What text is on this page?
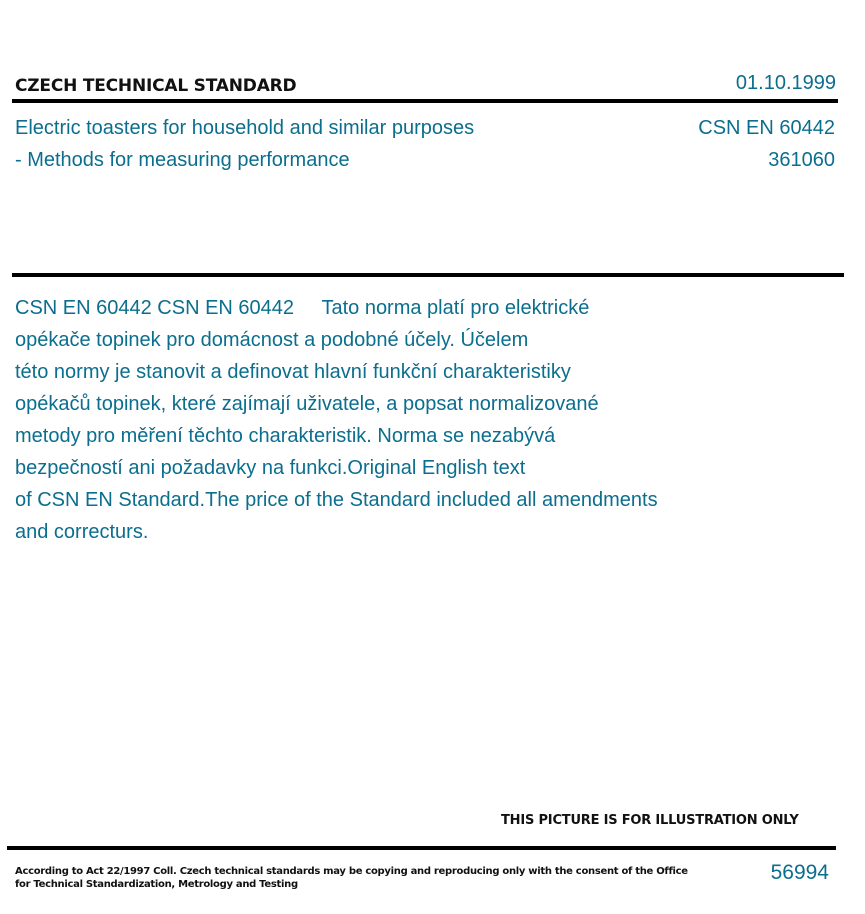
CZECH TECHNICAL STANDARD	01.10.1999
Electric toasters for household and similar purposes
- Methods for measuring performance
CSN EN 60442
361060
CSN EN 60442 CSN EN 60442     Tato norma platí pro elektrické
opékače topinek pro domácnost a podobné účely. Účelem
této normy je stanovit a definovat hlavní funkční charakteristiky
opékačů topinek, které zajímají uživatele, a popsat normalizované
metody pro měření těchto charakteristik. Norma se nezabývá
bezpečností ani požadavky na funkci.Original English text
of CSN EN Standard.The price of the Standard included all amendments
and correcturs.
THIS PICTURE IS FOR ILLUSTRATION ONLY
According to Act 22/1997 Coll. Czech technical standards may be copying and reproducing only with the consent of the Office
for Technical Standardization, Metrology and Testing
56994
